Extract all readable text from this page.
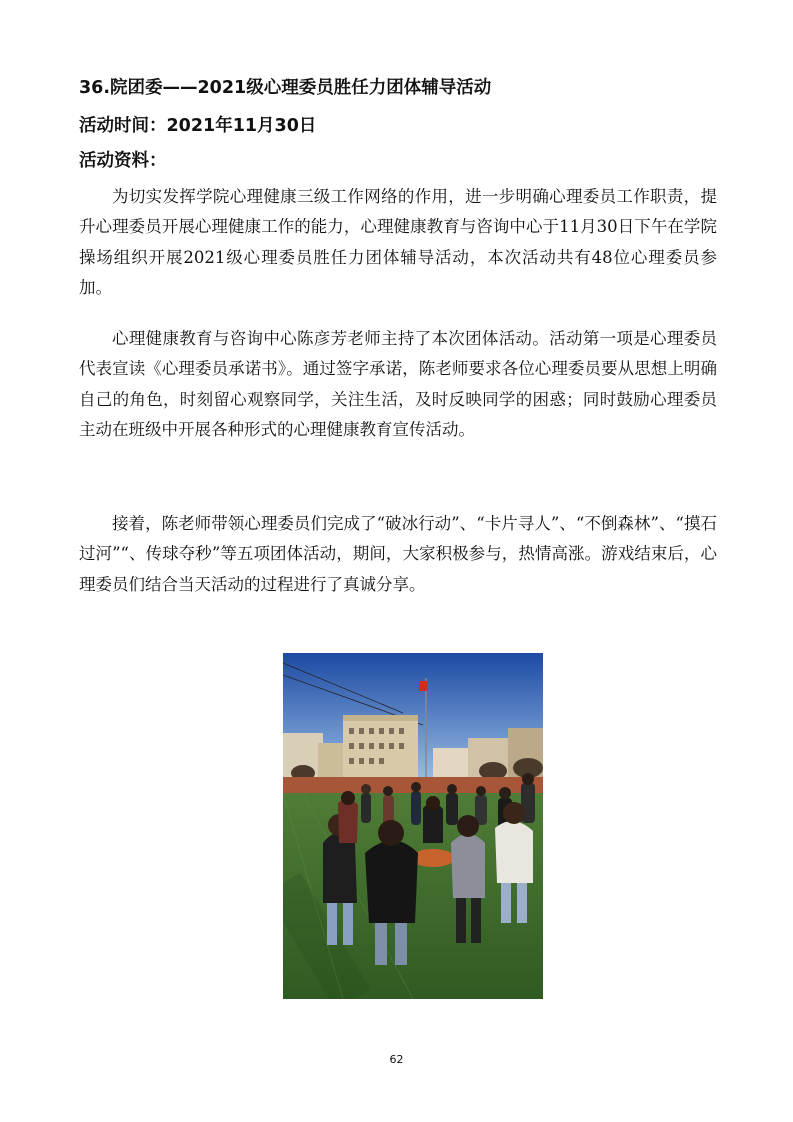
36.院团委——2021级心理委员胜任力团体辅导活动
活动时间：2021年11月30日
活动资料：

为切实发挥学院心理健康三级工作网络的作用，进一步明确心理委员工作职责，提升心理委员开展心理健康工作的能力，心理健康教育与咨询中心于11月30日下午在学院操场组织开展2021级心理委员胜任力团体辅导活动，本次活动共有48位心理委员参加。

心理健康教育与咨询中心陈彦芳老师主持了本次团体活动。活动第一项是心理委员代表宣读《心理委员承诺书》。通过签字承诺，陈老师要求各位心理委员要从思想上明确自己的角色，时刻留心观察同学，关注生活，及时反映同学的困惑；同时鼓励心理委员主动在班级中开展各种形式的心理健康教育宣传活动。

接着，陈老师带领心理委员们完成了“破冰行动”、“卡片寻人”、“不倒森林”、“摸石过河”“、传球夺秒”等五项团体活动，期间，大家积极参与，热情高涨。游戏结束后，心理委员们结合当天活动的过程进行了真诚分享。

62
